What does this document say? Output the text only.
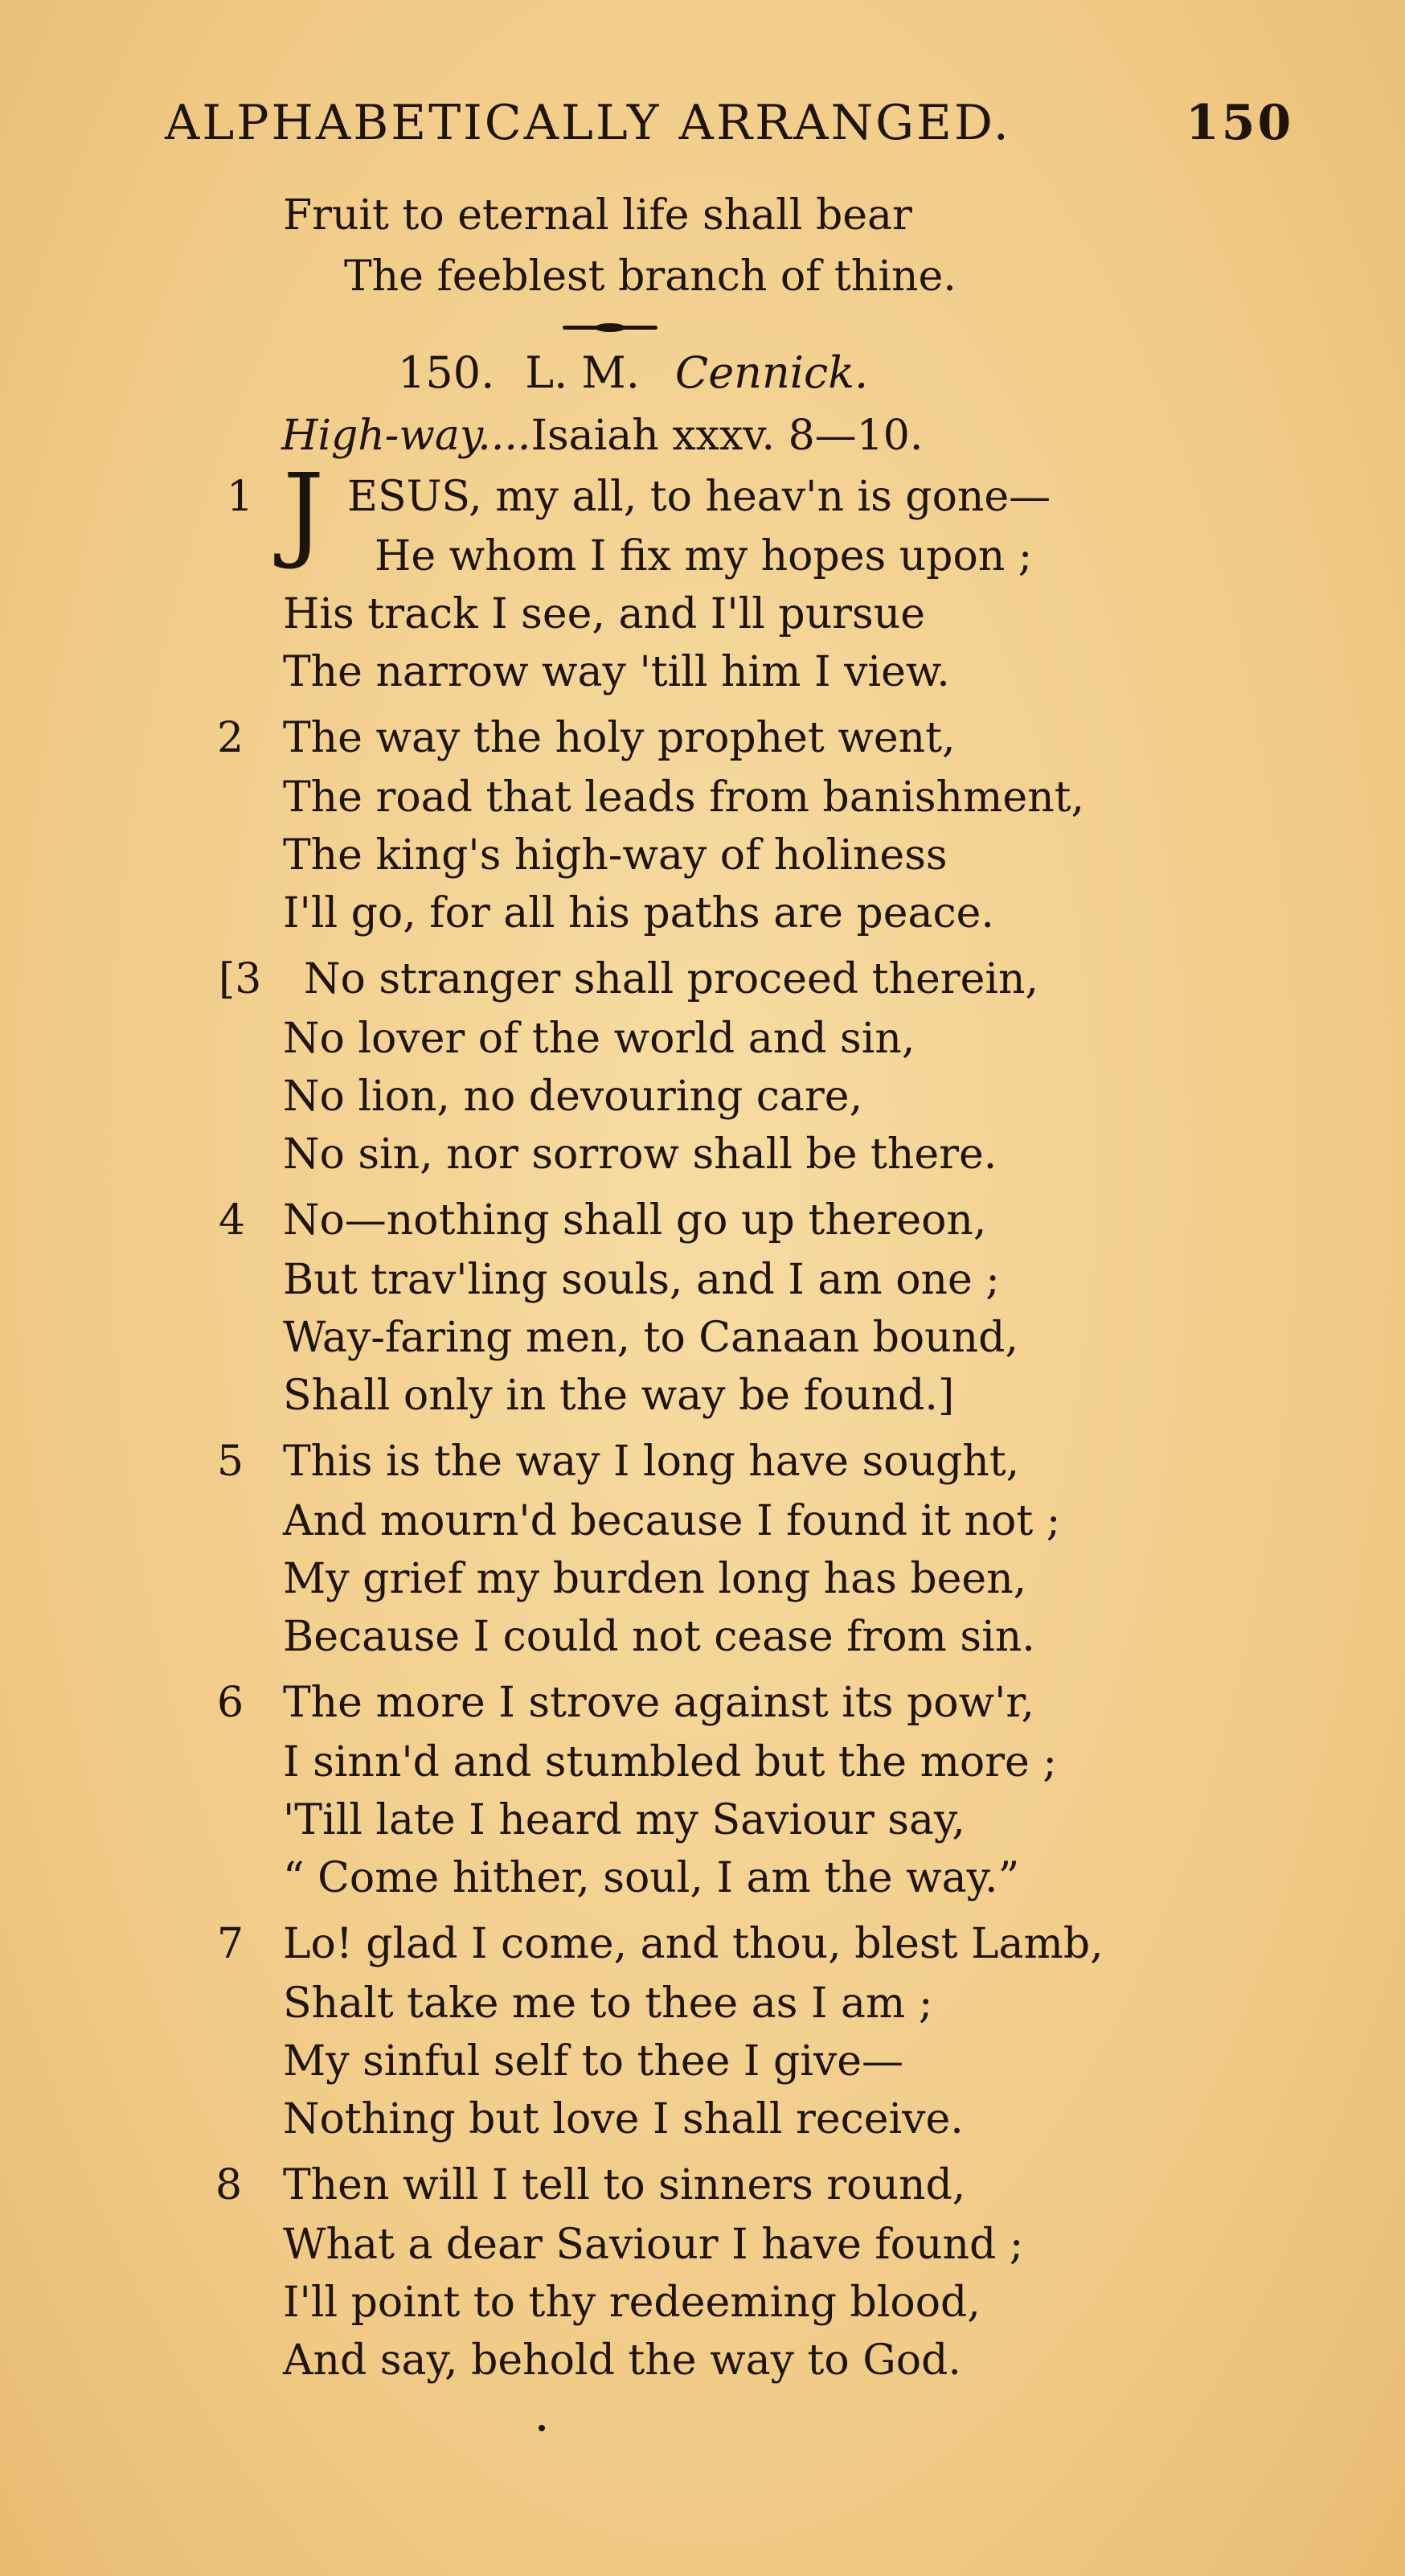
ALPHABETICALLY ARRANGED.	150
Fruit to eternal life shall bear
The feeblest branch of thine.
150. L. M. Cennick.
High-way....Isaiah xxxv. 8—10.
1 J ESUS, my all, to heav'n is gone—
He whom I fix my hopes upon ;
His track I see, and I'll pursue
The narrow way 'till him I view.
2 The way the holy prophet went,
The road that leads from banishment,
The king's high-way of holiness
I'll go, for all his paths are peace.
[3 No stranger shall proceed therein,
No lover of the world and sin,
No lion, no devouring care,
No sin, nor sorrow shall be there.
4 No—nothing shall go up thereon,
But trav'ling souls, and I am one ;
Way-faring men, to Canaan bound,
Shall only in the way be found.]
5 This is the way I long have sought,
And mourn'd because I found it not ;
My grief my burden long has been,
Because I could not cease from sin.
6 The more I strove against its pow'r,
I sinn'd and stumbled but the more ;
'Till late I heard my Saviour say,
“ Come hither, soul, I am the way.”
7 Lo! glad I come, and thou, blest Lamb,
Shalt take me to thee as I am ;
My sinful self to thee I give—
Nothing but love I shall receive.
8 Then will I tell to sinners round,
What a dear Saviour I have found ;
I'll point to thy redeeming blood,
And say, behold the way to God.
